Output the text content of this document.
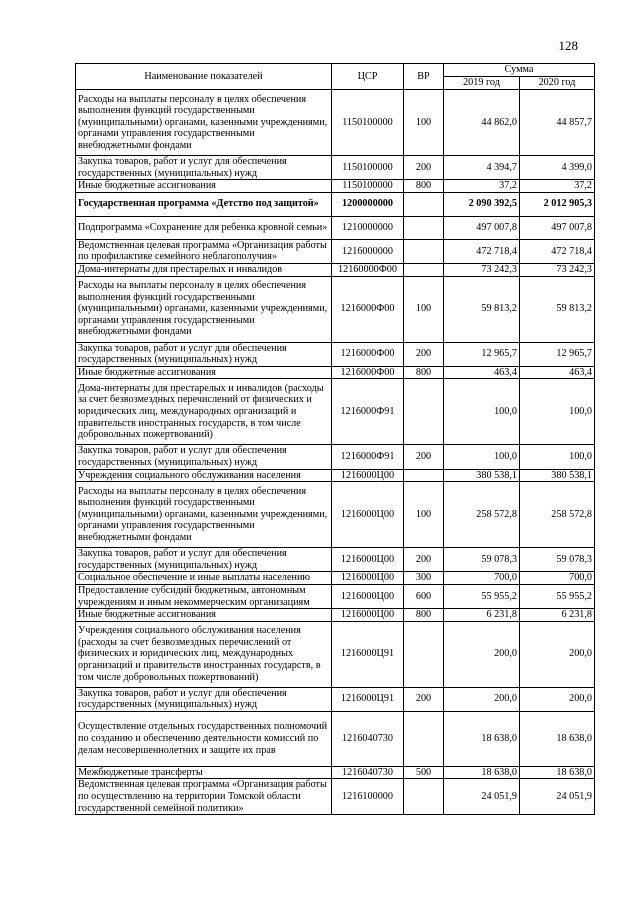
128
Наименование показателей	ЦСР	ВР	Сумма	
			2019 год	2020 год
Расходы на выплаты персоналу в целях обеспечения выполнения функций государственными (муниципальными) органами, казенными учреждениями, органами управления государственными внебюджетными фондами	1150100000	100	44 862,0	44 857,7
Закупка товаров, работ и услуг для обеспечения государственных (муниципальных) нужд	1150100000	200	4 394,7	4 399,0
Иные бюджетные ассигнования	1150100000	800	37,2	37,2
Государственная программа «Детство под защитой»	1200000000		2 090 392,5	2 012 905,3
Подпрограмма «Сохранение для ребенка кровной семьи»	1210000000		497 007,8	497 007,8
Ведомственная целевая программа «Организация работы по профилактике семейного неблагополучия»	1216000000		472 718,4	472 718,4
Дома-интернаты для престарелых и инвалидов	12160000Ф00		73 242,3	73 242,3
Расходы на выплаты персоналу в целях обеспечения выполнения функций государственными (муниципальными) органами, казенными учреждениями, органами управления государственными внебюджетными фондами	1216000Ф00	100	59 813,2	59 813,2
Закупка товаров, работ и услуг для обеспечения государственных (муниципальных) нужд	1216000Ф00	200	12 965,7	12 965,7
Иные бюджетные ассигнования	1216000Ф00	800	463,4	463,4
Дома-интернаты для престарелых и инвалидов (расходы за счет безвозмездных перечислений от физических и юридических лиц, международных организаций и правительств иностранных государств, в том числе добровольных пожертвований)	1216000Ф91		100,0	100,0
Закупка товаров, работ и услуг для обеспечения государственных (муниципальных) нужд	1216000Ф91	200	100,0	100,0
Учреждения социального обслуживания населения	1216000Ц00		380 538,1	380 538,1
Расходы на выплаты персоналу в целях обеспечения выполнения функций государственными (муниципальными) органами, казенными учреждениями, органами управления государственными внебюджетными фондами	1216000Ц00	100	258 572,8	258 572,8
Закупка товаров, работ и услуг для обеспечения государственных (муниципальных) нужд	1216000Ц00	200	59 078,3	59 078,3
Социальное обеспечение и иные выплаты населению	1216000Ц00	300	700,0	700,0
Предоставление субсидий бюджетным, автономным учреждениям и иным некоммерческим организациям	1216000Ц00	600	55 955,2	55 955,2
Иные бюджетные ассигнования	1216000Ц00	800	6 231,8	6 231,8
Учреждения социального обслуживания населения (расходы за счет безвозмездных перечислений от физических и юридических лиц, международных организаций и правительств иностранных государств, в том числе добровольных пожертвований)	1216000Ц91		200,0	200,0
Закупка товаров, работ и услуг для обеспечения государственных (муниципальных) нужд	1216000Ц91	200	200,0	200,0
Осуществление отдельных государственных полномочий по созданию и обеспечению деятельности комиссий по делам несовершеннолетних и защите их прав	1216040730		18 638,0	18 638,0
Межбюджетные трансферты	1216040730	500	18 638,0	18 638,0
Ведомственная целевая программа «Организация работы по осуществлению на территории Томской области государственной семейной политики»	1216100000		24 051,9	24 051,9
